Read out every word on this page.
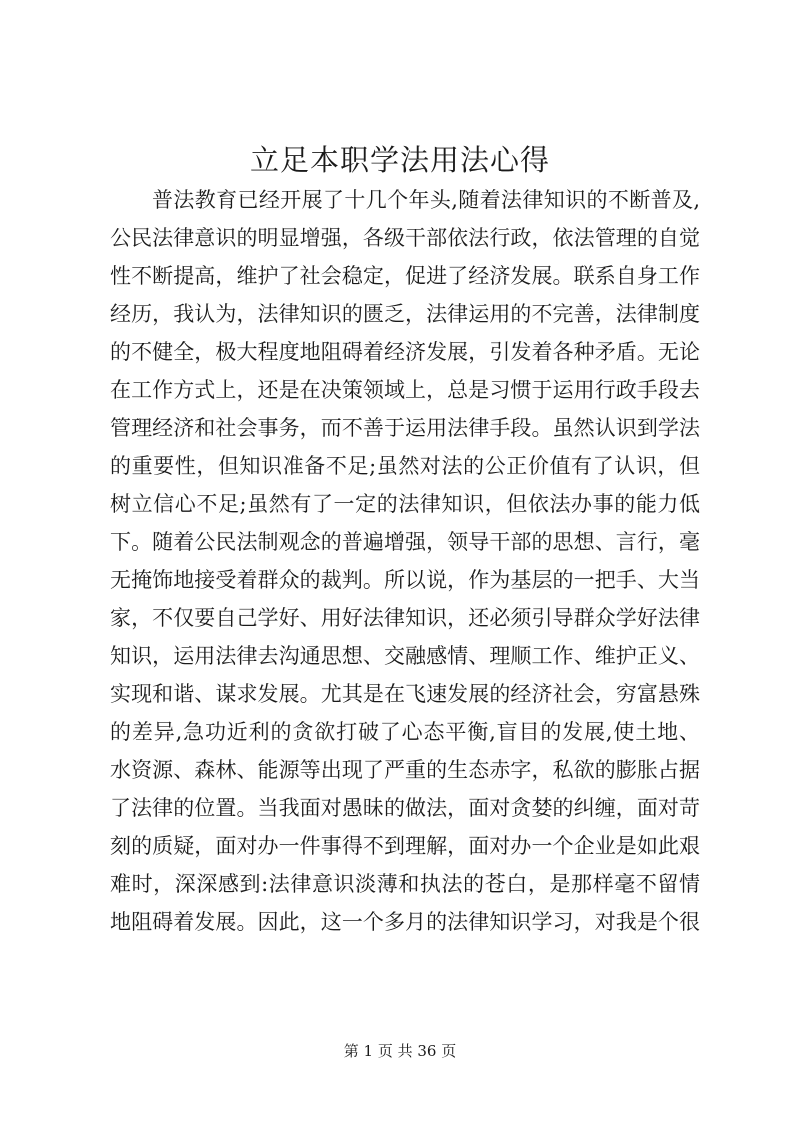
立足本职学法用法心得
普法教育已经开展了十几个年头,随着法律知识的不断普及,
公民法律意识的明显增强，各级干部依法行政，依法管理的自觉
性不断提高，维护了社会稳定，促进了经济发展。联系自身工作
经历，我认为，法律知识的匮乏，法律运用的不完善，法律制度
的不健全，极大程度地阻碍着经济发展，引发着各种矛盾。无论
在工作方式上，还是在决策领域上，总是习惯于运用行政手段去
管理经济和社会事务，而不善于运用法律手段。虽然认识到学法
的重要性，但知识准备不足;虽然对法的公正价值有了认识，但
树立信心不足;虽然有了一定的法律知识，但依法办事的能力低
下。随着公民法制观念的普遍增强，领导干部的思想、言行，毫
无掩饰地接受着群众的裁判。所以说，作为基层的一把手、大当
家，不仅要自己学好、用好法律知识，还必须引导群众学好法律
知识，运用法律去沟通思想、交融感情、理顺工作、维护正义、
实现和谐、谋求发展。尤其是在飞速发展的经济社会，穷富悬殊
的差异,急功近利的贪欲打破了心态平衡,盲目的发展,使土地、
水资源、森林、能源等出现了严重的生态赤字，私欲的膨胀占据
了法律的位置。当我面对愚昧的做法，面对贪婪的纠缠，面对苛
刻的质疑，面对办一件事得不到理解，面对办一个企业是如此艰
难时，深深感到:法律意识淡薄和执法的苍白，是那样毫不留情
地阻碍着发展。因此，这一个多月的法律知识学习，对我是个很
第 1 页 共 36 页
